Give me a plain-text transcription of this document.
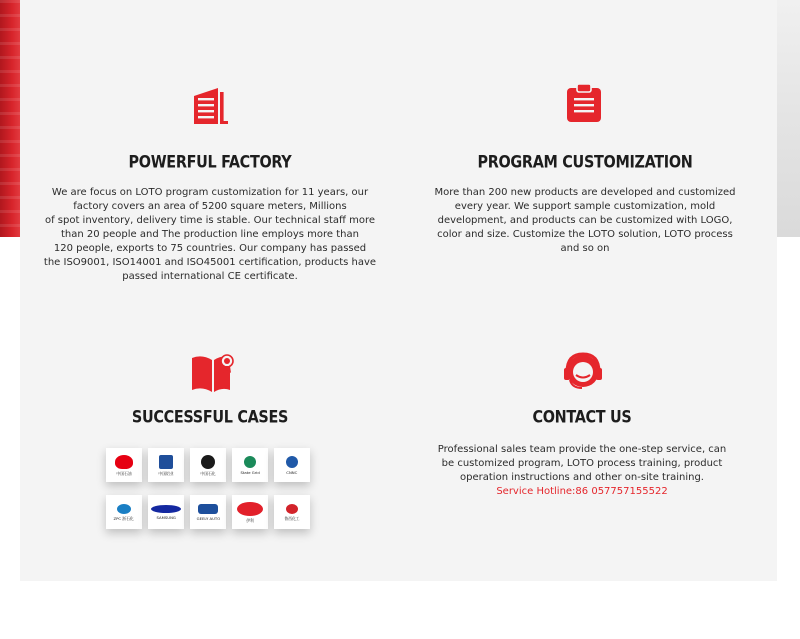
POWERFUL FACTORY
We are focus on LOTO program customization for 11 years, our
factory covers an area of 5200 square meters, Millions
of spot inventory, delivery time is stable. Our technical staff more
than 20 people and The production line employs more than
120 people, exports to 75 countries. Our company has passed
the ISO9001, ISO14001 and ISO45001 certification, products have
passed international CE certificate.
PROGRAM CUSTOMIZATION
More than 200 new products are developed and customized
every year. We support sample customization, mold
development, and products can be customized with LOGO,
color and size. Customize the LOTO solution, LOTO process
and so on
SUCCESSFUL CASES
中国石油	中国铝业	中国石化	State Grid	CNNC
ZPC 浙石化	SAMSUNG	GEELY AUTO	伊利	鲁西化工
CONTACT US
Professional sales team provide the one-step service, can
be customized program, LOTO process training, product
operation instructions and other on-site training.
Service Hotline:86 057757155522
